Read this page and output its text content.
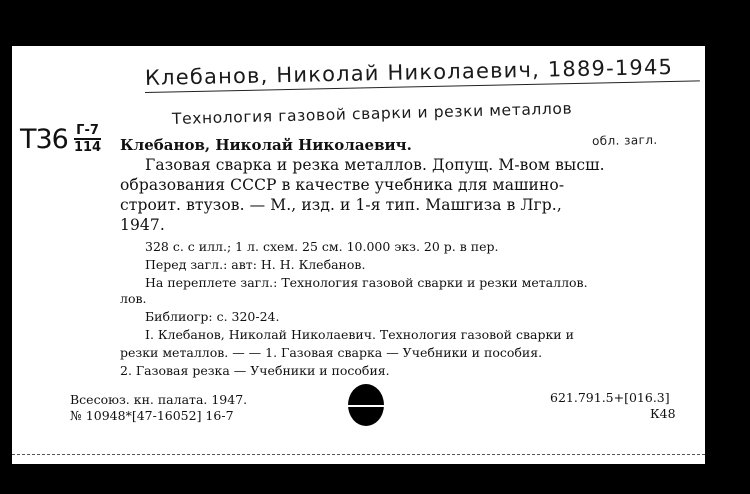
Клебанов, Николай Николаевич, 1889-1945
Технология газовой сварки и резки металлов
обл. загл.
$Т36 \frac{Г-7}{114}$ Клебанов, Николай Николаевич.
Газовая сварка и резка металлов. Допущ. М-вом высш.
образования СССР в качестве учебника для машино-
строит. втузов. — М., изд. и 1-я тип. Машгиза в Лгр.,
1947.
328 с. с илл.; 1 л. схем. 25 см. 10.000 экз. 20 р. в пер.
Перед загл.: авт: Н. Н. Клебанов.
На переплете загл.: Технология газовой сварки и резки металлов.
лов.
Библиогр: с. 320-24.
I. Клебанов, Николай Николаевич. Технология газовой сварки и
резки металлов. — — 1. Газовая сварка — Учебники и пособия.
2. Газовая резка — Учебники и пособия.
Всесоюз. кн. палата. 1947.
№ 10948*[47-16052] 16-7
621.791.5+[016.3]
К48
